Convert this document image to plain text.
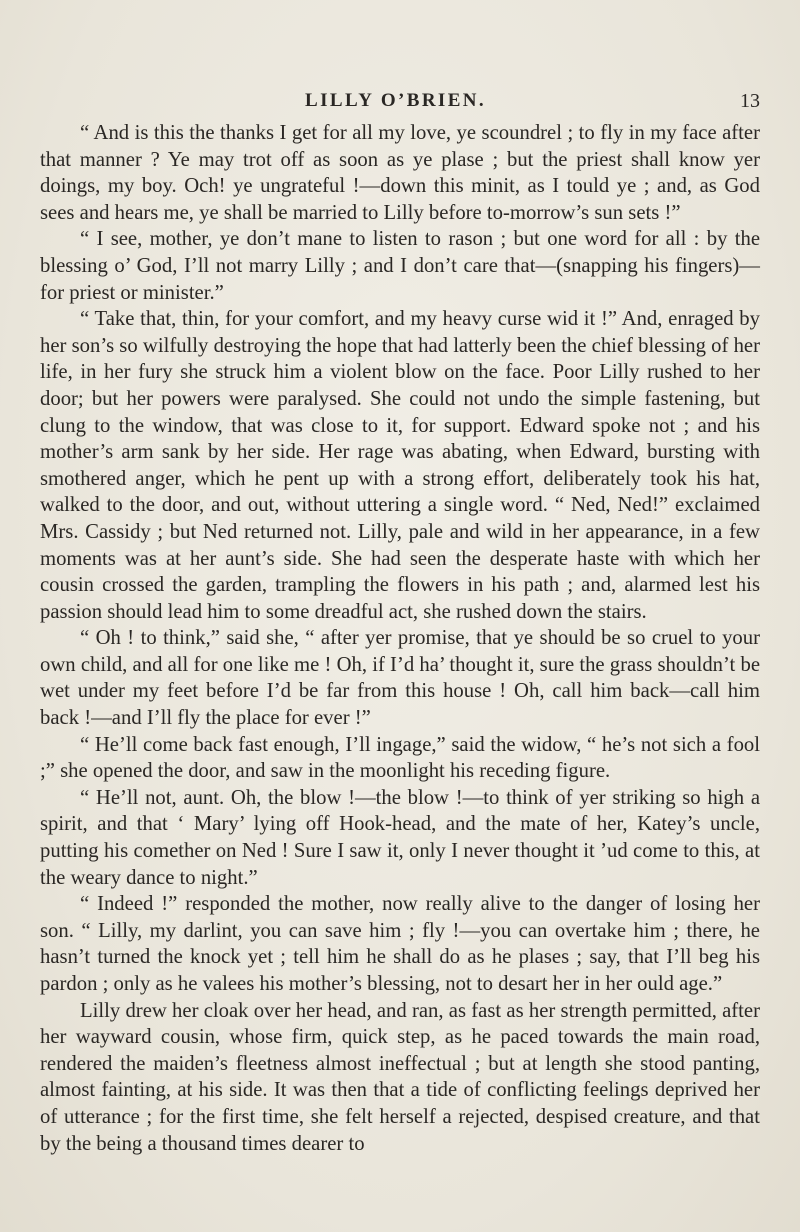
LILLY O’BRIEN.	13

“ And is this the thanks I get for all my love, ye scoundrel ; to fly in my face after that manner ? Ye may trot off as soon as ye plase ; but the priest shall know yer doings, my boy. Och! ye ungrateful !—down this minit, as I tould ye ; and, as God sees and hears me, ye shall be married to Lilly before to-morrow’s sun sets !”

“ I see, mother, ye don’t mane to listen to rason ; but one word for all : by the blessing o’ God, I’ll not marry Lilly ; and I don’t care that—(snapping his fingers)—for priest or minister.”

“ Take that, thin, for your comfort, and my heavy curse wid it !” And, enraged by her son’s so wilfully destroying the hope that had latterly been the chief blessing of her life, in her fury she struck him a violent blow on the face. Poor Lilly rushed to her door; but her powers were paralysed. She could not undo the simple fastening, but clung to the window, that was close to it, for support. Edward spoke not ; and his mother’s arm sank by her side. Her rage was abating, when Edward, bursting with smothered anger, which he pent up with a strong effort, deliberately took his hat, walked to the door, and out, without uttering a single word. “ Ned, Ned!” exclaimed Mrs. Cassidy ; but Ned returned not. Lilly, pale and wild in her appearance, in a few moments was at her aunt’s side. She had seen the desperate haste with which her cousin crossed the garden, trampling the flowers in his path ; and, alarmed lest his passion should lead him to some dreadful act, she rushed down the stairs.

“ Oh ! to think,” said she, “ after yer promise, that ye should be so cruel to your own child, and all for one like me ! Oh, if I’d ha’ thought it, sure the grass shouldn’t be wet under my feet before I’d be far from this house ! Oh, call him back—call him back !—and I’ll fly the place for ever !”

“ He’ll come back fast enough, I’ll ingage,” said the widow, “ he’s not sich a fool ;” she opened the door, and saw in the moonlight his receding figure.

“ He’ll not, aunt. Oh, the blow !—the blow !—to think of yer striking so high a spirit, and that ‘ Mary’ lying off Hook-head, and the mate of her, Katey’s uncle, putting his comether on Ned ! Sure I saw it, only I never thought it ’ud come to this, at the weary dance to night.”

“ Indeed !” responded the mother, now really alive to the danger of losing her son. “ Lilly, my darlint, you can save him ; fly !—you can overtake him ; there, he hasn’t turned the knock yet ; tell him he shall do as he plases ; say, that I’ll beg his pardon ; only as he valees his mother’s blessing, not to desart her in her ould age.”

Lilly drew her cloak over her head, and ran, as fast as her strength permitted, after her wayward cousin, whose firm, quick step, as he paced towards the main road, rendered the maiden’s fleetness almost ineffectual ; but at length she stood panting, almost fainting, at his side. It was then that a tide of conflicting feelings deprived her of utterance ; for the first time, she felt herself a rejected, despised creature, and that by the being a thousand times dearer to
